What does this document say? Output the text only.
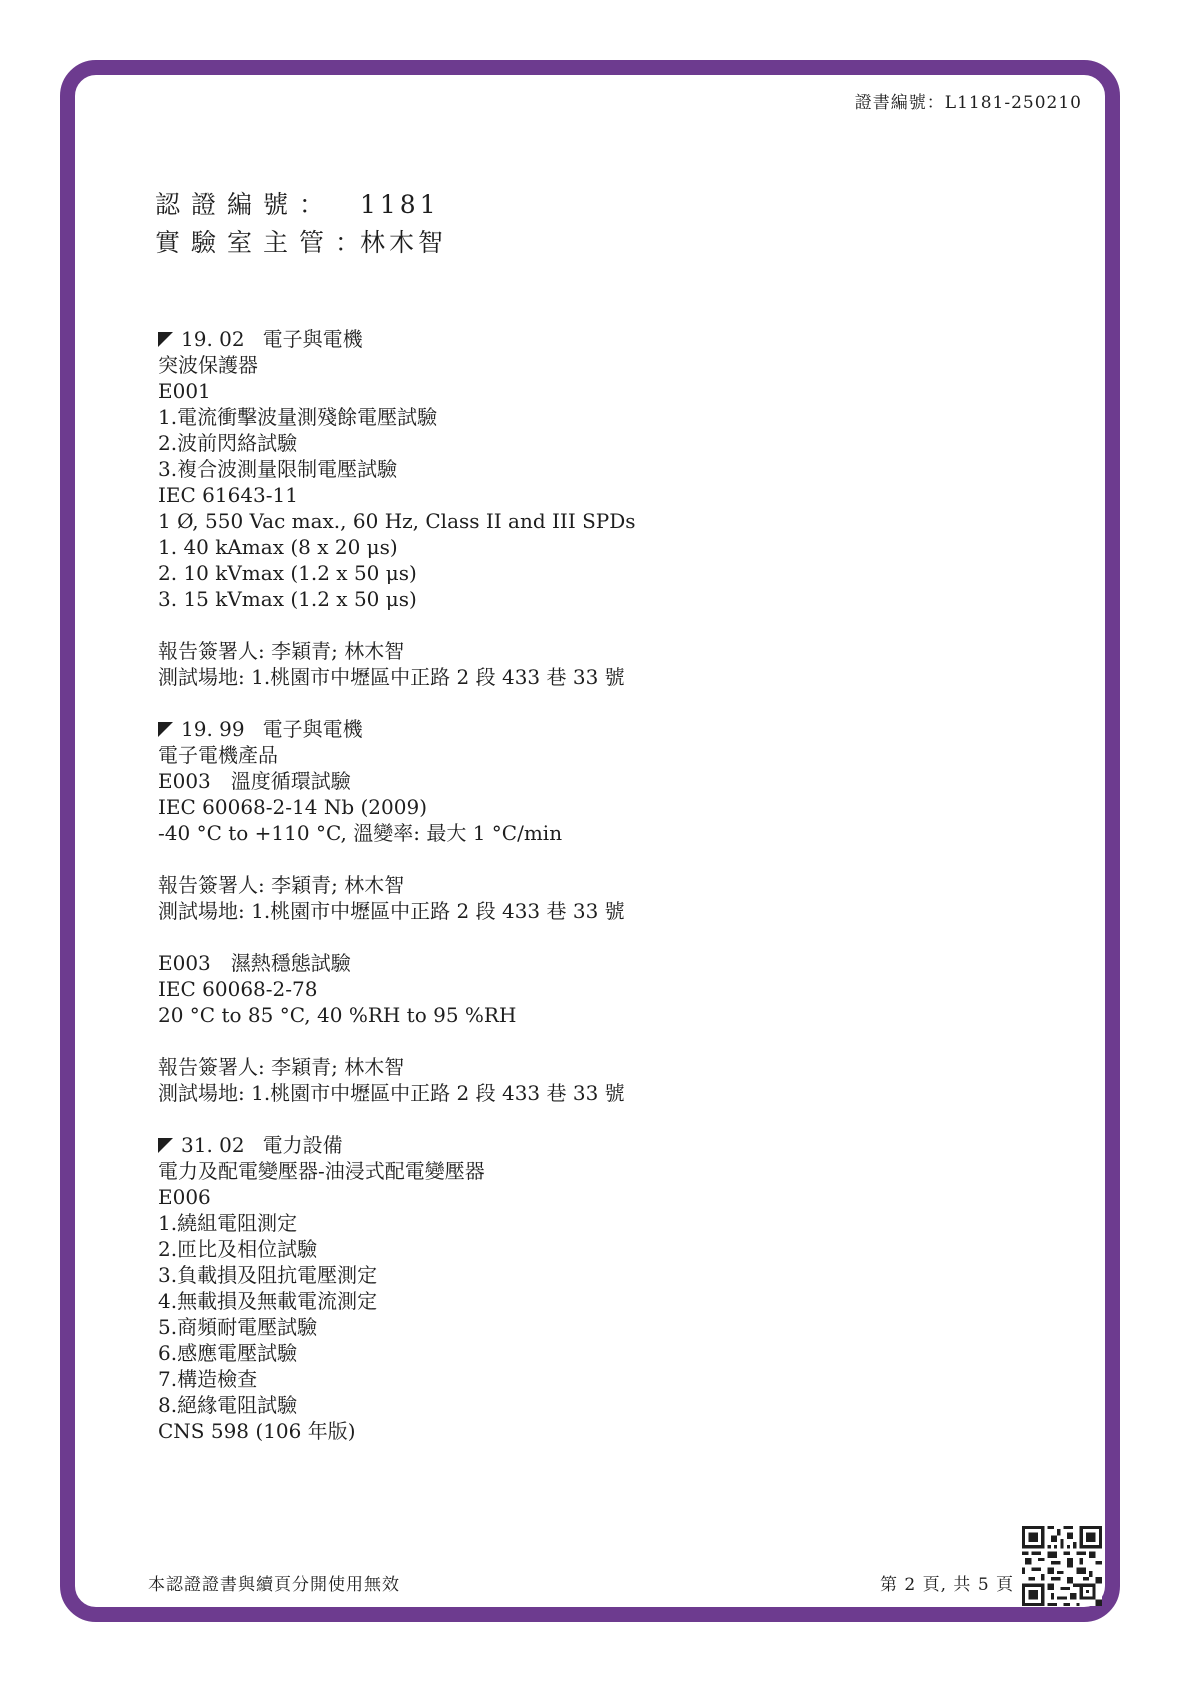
證書編號：L1181-250210
認證編號： 1181
實驗室主管：林木智
19. 02 電子與電機
突波保護器
E001
1.電流衝擊波量測殘餘電壓試驗
2.波前閃絡試驗
3.複合波測量限制電壓試驗
IEC 61643-11
1 Ø, 550 Vac max., 60 Hz, Class II and III SPDs
1. 40 kAmax (8 x 20 μs)
2. 10 kVmax (1.2 x 50 μs)
3. 15 kVmax (1.2 x 50 μs)
報告簽署人: 李穎青; 林木智
測試場地: 1.桃園市中壢區中正路 2 段 433 巷 33 號
19. 99 電子與電機
電子電機產品
E003　溫度循環試驗
IEC 60068-2-14 Nb (2009)
-40 °C to +110 °C, 溫變率: 最大 1 °C/min
報告簽署人: 李穎青; 林木智
測試場地: 1.桃園市中壢區中正路 2 段 433 巷 33 號
E003　濕熱穩態試驗
IEC 60068-2-78
20 °C to 85 °C, 40 %RH to 95 %RH
報告簽署人: 李穎青; 林木智
測試場地: 1.桃園市中壢區中正路 2 段 433 巷 33 號
31. 02 電力設備
電力及配電變壓器-油浸式配電變壓器
E006
1.繞組電阻測定
2.匝比及相位試驗
3.負載損及阻抗電壓測定
4.無載損及無載電流測定
5.商頻耐電壓試驗
6.感應電壓試驗
7.構造檢查
8.絕緣電阻試驗
CNS 598 (106 年版)
本認證證書與續頁分開使用無效	第 2 頁, 共 5 頁
